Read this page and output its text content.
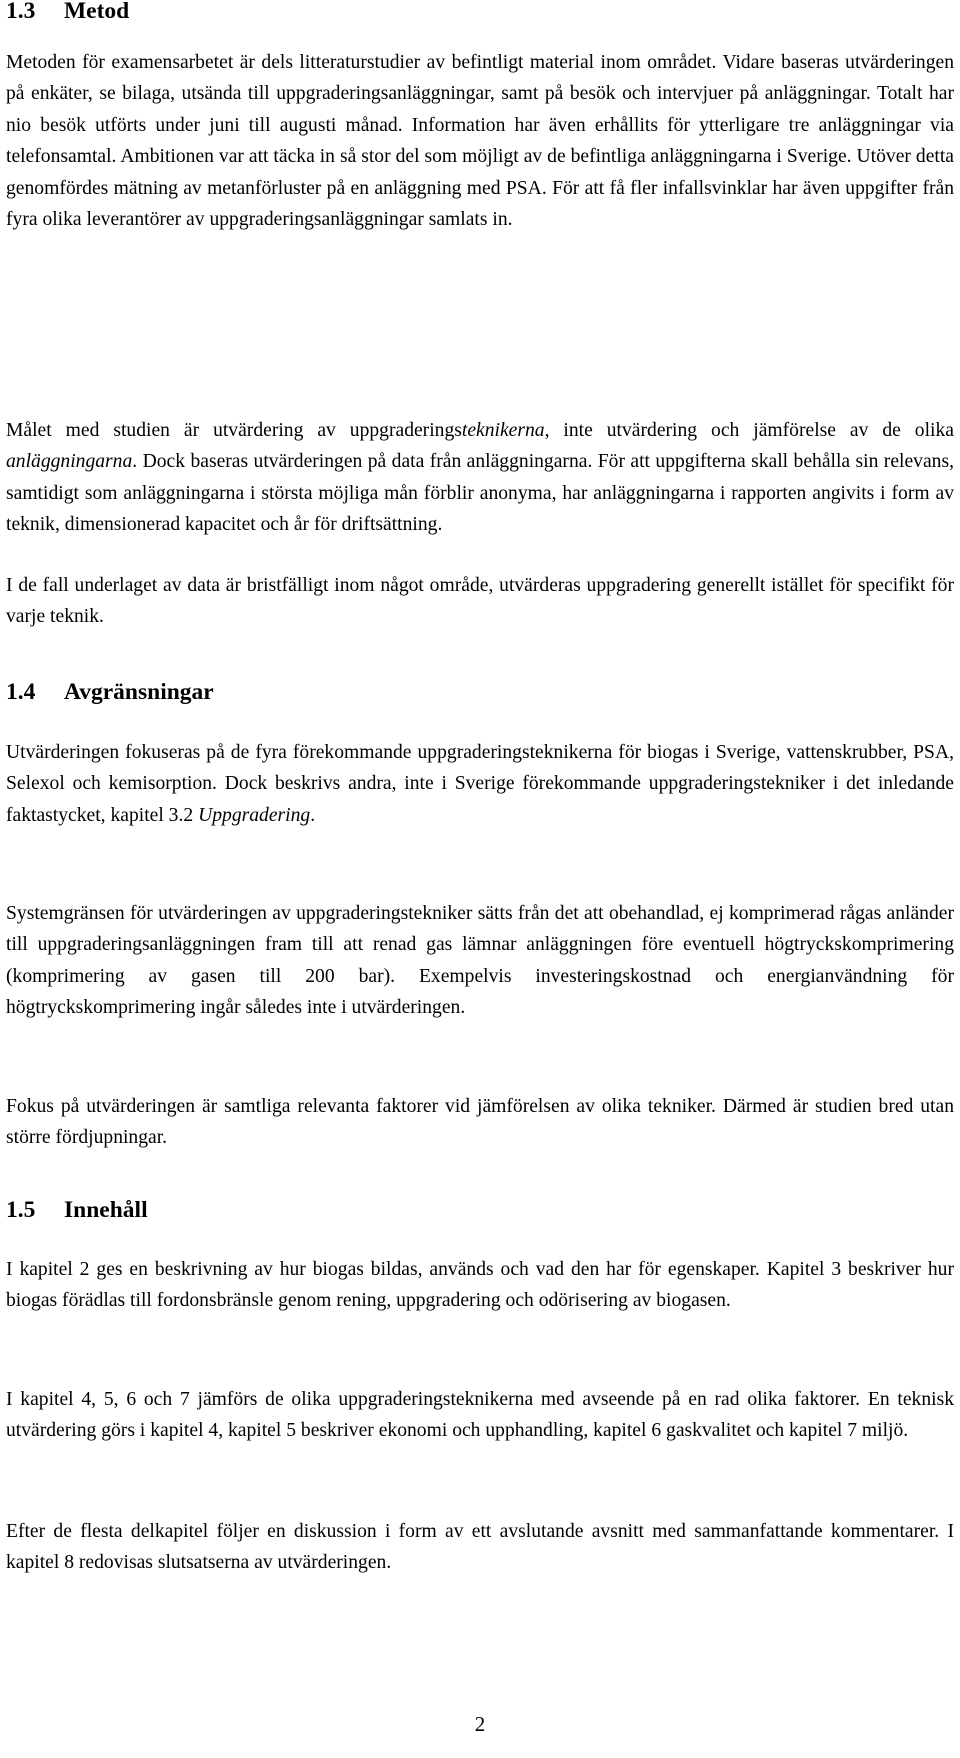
1.3	Metod

Metoden för examensarbetet är dels litteraturstudier av befintligt material inom området. Vidare baseras utvärderingen på enkäter, se bilaga, utsända till uppgraderingsanläggningar, samt på besök och intervjuer på anläggningar. Totalt har nio besök utförts under juni till augusti månad. Information har även erhållits för ytterligare tre anläggningar via telefonsamtal. Ambitionen var att täcka in så stor del som möjligt av de befintliga anläggningarna i Sverige. Utöver detta genomfördes mätning av metanförluster på en anläggning med PSA. För att få fler infallsvinklar har även uppgifter från fyra olika leverantörer av uppgraderingsanläggningar samlats in.

Målet med studien är utvärdering av uppgraderingsteknikerna, inte utvärdering och jämförelse av de olika anläggningarna. Dock baseras utvärderingen på data från anläggningarna. För att uppgifterna skall behålla sin relevans, samtidigt som anläggningarna i största möjliga mån förblir anonyma, har anläggningarna i rapporten angivits i form av teknik, dimensionerad kapacitet och år för driftsättning.

I de fall underlaget av data är bristfälligt inom något område, utvärderas uppgradering generellt istället för specifikt för varje teknik.

1.4	Avgränsningar

Utvärderingen fokuseras på de fyra förekommande uppgraderingsteknikerna för biogas i Sverige, vattenskrubber, PSA, Selexol och kemisorption. Dock beskrivs andra, inte i Sverige förekommande uppgraderingstekniker i det inledande faktastycket, kapitel 3.2 Uppgradering.

Systemgränsen för utvärderingen av uppgraderingstekniker sätts från det att obehandlad, ej komprimerad rågas anländer till uppgraderingsanläggningen fram till att renad gas lämnar anläggningen före eventuell högtryckskomprimering (komprimering av gasen till 200 bar). Exempelvis investeringskostnad och energianvändning för högtryckskomprimering ingår således inte i utvärderingen.

Fokus på utvärderingen är samtliga relevanta faktorer vid jämförelsen av olika tekniker. Därmed är studien bred utan större fördjupningar.

1.5	Innehåll

I kapitel 2 ges en beskrivning av hur biogas bildas, används och vad den har för egenskaper. Kapitel 3 beskriver hur biogas förädlas till fordonsbränsle genom rening, uppgradering och odörisering av biogasen.

I kapitel 4, 5, 6 och 7 jämförs de olika uppgraderingsteknikerna med avseende på en rad olika faktorer. En teknisk utvärdering görs i kapitel 4, kapitel 5 beskriver ekonomi och upphandling, kapitel 6 gaskvalitet och kapitel 7 miljö.

Efter de flesta delkapitel följer en diskussion i form av ett avslutande avsnitt med sammanfattande kommentarer. I kapitel 8 redovisas slutsatserna av utvärderingen.

2
